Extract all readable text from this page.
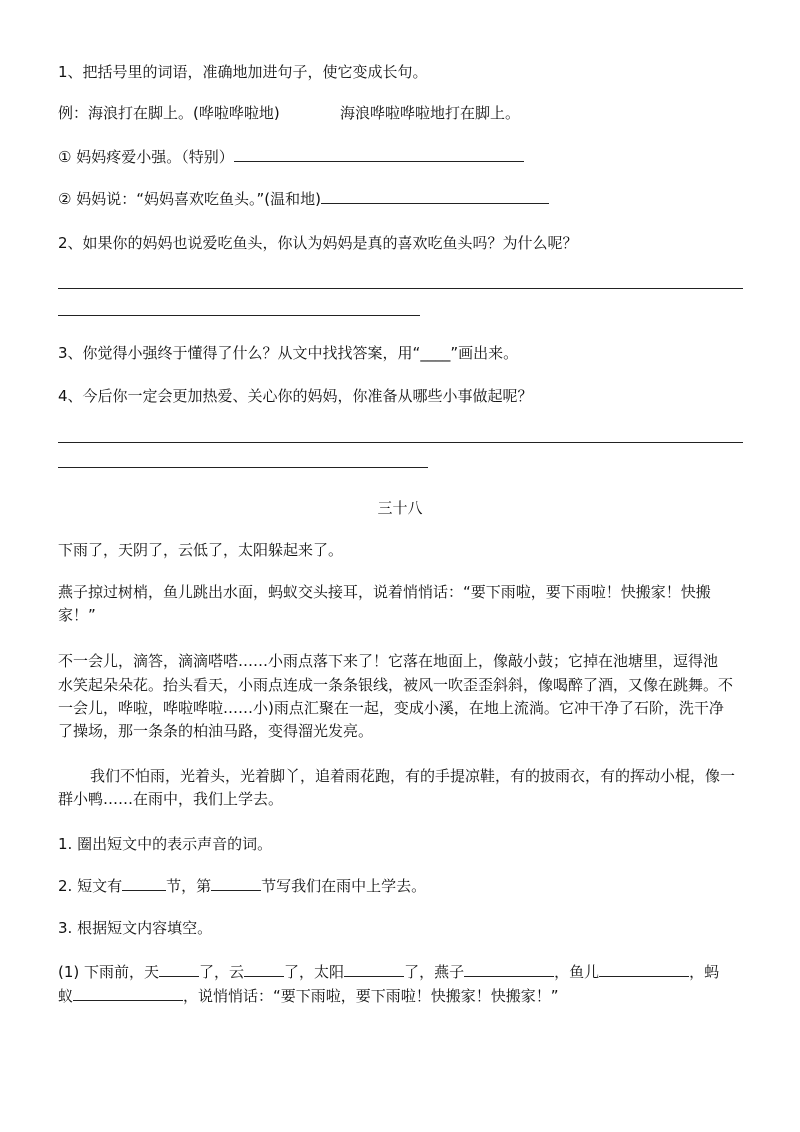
1、把括号里的词语，准确地加进句子，使它变成长句。
例：海浪打在脚上。(哗啦哗啦地)	海浪哗啦哗啦地打在脚上。
① 妈妈疼爱小强。（特别）
② 妈妈说：“妈妈喜欢吃鱼头。”(温和地)
2、如果你的妈妈也说爱吃鱼头，你认为妈妈是真的喜欢吃鱼头吗？为什么呢？
3、你觉得小强终于懂得了什么？从文中找找答案，用“____”画出来。
4、今后你一定会更加热爱、关心你的妈妈，你准备从哪些小事做起呢？
三十八
下雨了，天阴了，云低了，太阳躲起来了。
燕子掠过树梢，鱼儿跳出水面，蚂蚁交头接耳，说着悄悄话：“要下雨啦，要下雨啦！快搬家！快搬
家！”
不一会儿，滴答，滴滴嗒嗒……小雨点落下来了！它落在地面上，像敲小鼓；它掉在池塘里，逗得池
水笑起朵朵花。抬头看天，小雨点连成一条条银线，被风一吹歪歪斜斜，像喝醉了酒，又像在跳舞。不
一会儿，哗啦，哗啦哗啦……小)雨点汇聚在一起，变成小溪，在地上流淌。它冲干净了石阶，洗干净
了操场，那一条条的柏油马路，变得溜光发亮。
我们不怕雨，光着头，光着脚丫，追着雨花跑，有的手提凉鞋，有的披雨衣，有的挥动小棍，像一
群小鸭……在雨中，我们上学去。
1. 圈出短文中的表示声音的词。
2. 短文有	节，第	节写我们在雨中上学去。
3. 根据短文内容填空。
(1) 下雨前，天	了，云	了，太阳	了，燕子	，鱼儿	，蚂
蚁	，说悄悄话：“要下雨啦，要下雨啦！快搬家！快搬家！”
